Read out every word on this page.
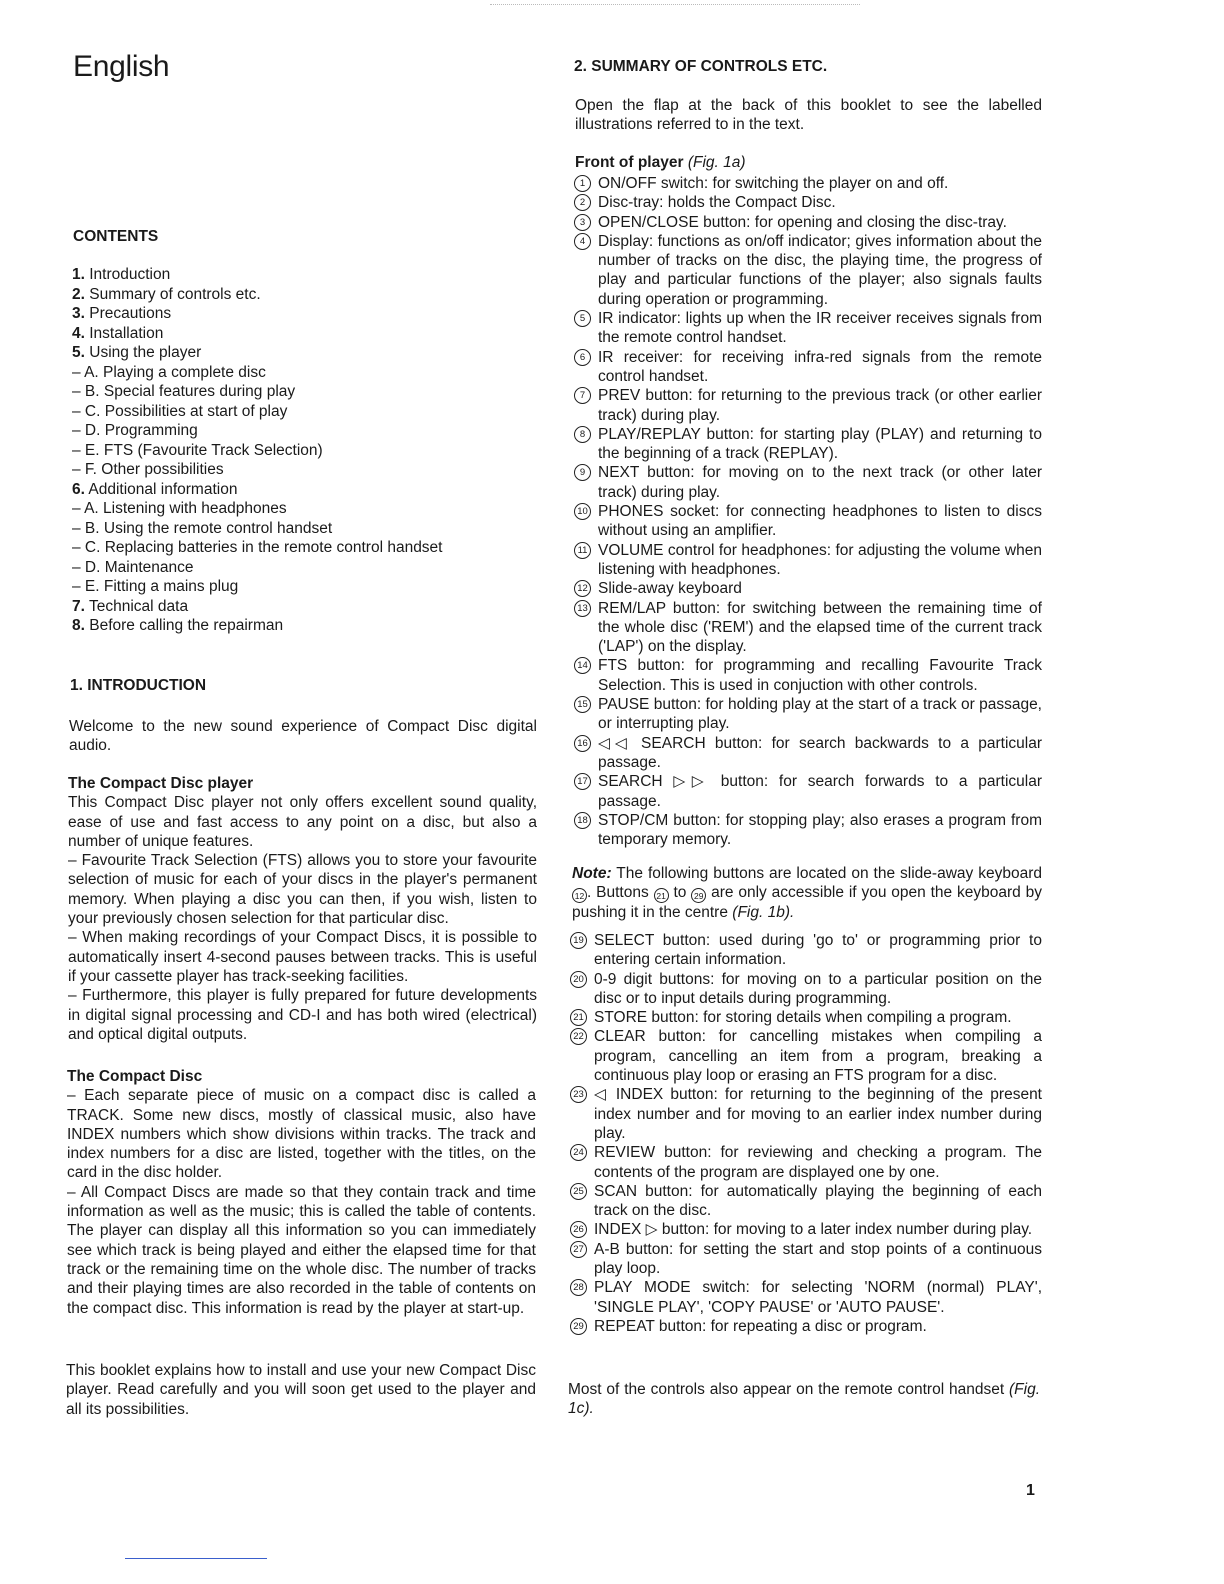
English
CONTENTS
1. Introduction
2. Summary of controls etc.
3. Precautions
4. Installation
5. Using the player
– A. Playing a complete disc
– B. Special features during play
– C. Possibilities at start of play
– D. Programming
– E. FTS (Favourite Track Selection)
– F. Other possibilities
6. Additional information
– A. Listening with headphones
– B. Using the remote control handset
– C. Replacing batteries in the remote control handset
– D. Maintenance
– E. Fitting a mains plug
7. Technical data
8. Before calling the repairman
1. INTRODUCTION

Welcome to the new sound experience of Compact Disc digital audio.

The Compact Disc player
This Compact Disc player not only offers excellent sound quality, ease of use and fast access to any point on a disc, but also a number of unique features.
– Favourite Track Selection (FTS) allows you to store your favourite selection of music for each of your discs in the player's permanent memory. When playing a disc you can then, if you wish, listen to your previously chosen selection for that particular disc.
– When making recordings of your Compact Discs, it is possible to automatically insert 4-second pauses between tracks. This is useful if your cassette player has track-seeking facilities.
– Furthermore, this player is fully prepared for future developments in digital signal processing and CD-I and has both wired (electrical) and optical digital outputs.
The Compact Disc
– Each separate piece of music on a compact disc is called a TRACK. Some new discs, mostly of classical music, also have INDEX numbers which show divisions within tracks. The track and index numbers for a disc are listed, together with the titles, on the card in the disc holder.
– All Compact Discs are made so that they contain track and time information as well as the music; this is called the table of contents. The player can display all this information so you can immediately see which track is being played and either the elapsed time for that track or the remaining time on the whole disc. The number of tracks and their playing times are also recorded in the table of contents on the compact disc. This information is read by the player at start-up.

This booklet explains how to install and use your new Compact Disc player. Read carefully and you will soon get used to the player and all its possibilities.

2. SUMMARY OF CONTROLS ETC.

Open the flap at the back of this booklet to see the labelled illustrations referred to in the text.

Front of player (Fig. 1a)
1 ON/OFF switch: for switching the player on and off.
2 Disc-tray: holds the Compact Disc.
3 OPEN/CLOSE button: for opening and closing the disc-tray.
4 Display: functions as on/off indicator; gives information about the number of tracks on the disc, the playing time, the progress of play and particular functions of the player; also signals faults during operation or programming.
5 IR indicator: lights up when the IR receiver receives signals from the remote control handset.
6 IR receiver: for receiving infra-red signals from the remote control handset.
7 PREV button: for returning to the previous track (or other earlier track) during play.
8 PLAY/REPLAY button: for starting play (PLAY) and returning to the beginning of a track (REPLAY).
9 NEXT button: for moving on to the next track (or other later track) during play.
10 PHONES socket: for connecting headphones to listen to discs without using an amplifier.
11 VOLUME control for headphones: for adjusting the volume when listening with headphones.
12 Slide-away keyboard
13 REM/LAP button: for switching between the remaining time of the whole disc ('REM') and the elapsed time of the current track ('LAP') on the display.
14 FTS button: for programming and recalling Favourite Track Selection. This is used in conjuction with other controls.
15 PAUSE button: for holding play at the start of a track or passage, or interrupting play.
16 ◁◁ SEARCH button: for search backwards to a particular passage.
17 SEARCH ▷▷ button: for search forwards to a particular passage.
18 STOP/CM button: for stopping play; also erases a program from temporary memory.

Note: The following buttons are located on the slide-away keyboard12 . Buttons 21 to 29 are only accessible if you open the keyboard by pushing it in the centre (Fig. 1b).

19 SELECT button: used during 'go to' or programming prior to entering certain information.
20 0-9 digit buttons: for moving on to a particular position on the disc or to input details during programming.
21 STORE button: for storing details when compiling a program.
22 CLEAR button: for cancelling mistakes when compiling a program, cancelling an item from a program, breaking a continuous play loop or erasing an FTS program for a disc.
23 ◁ INDEX button: for returning to the beginning of the present index number and for moving to an earlier index number during play.
24 REVIEW button: for reviewing and checking a program. The contents of the program are displayed one by one.
25 SCAN button: for automatically playing the beginning of each track on the disc.
26 INDEX ▷ button: for moving to a later index number during play.
27 A-B button: for setting the start and stop points of a continuous play loop.
28 PLAY MODE switch: for selecting 'NORM (normal) PLAY', 'SINGLE PLAY', 'COPY PAUSE' or 'AUTO PAUSE'.
29 REPEAT button: for repeating a disc or program.

Most of the controls also appear on the remote control handset (Fig. 1c).

1
